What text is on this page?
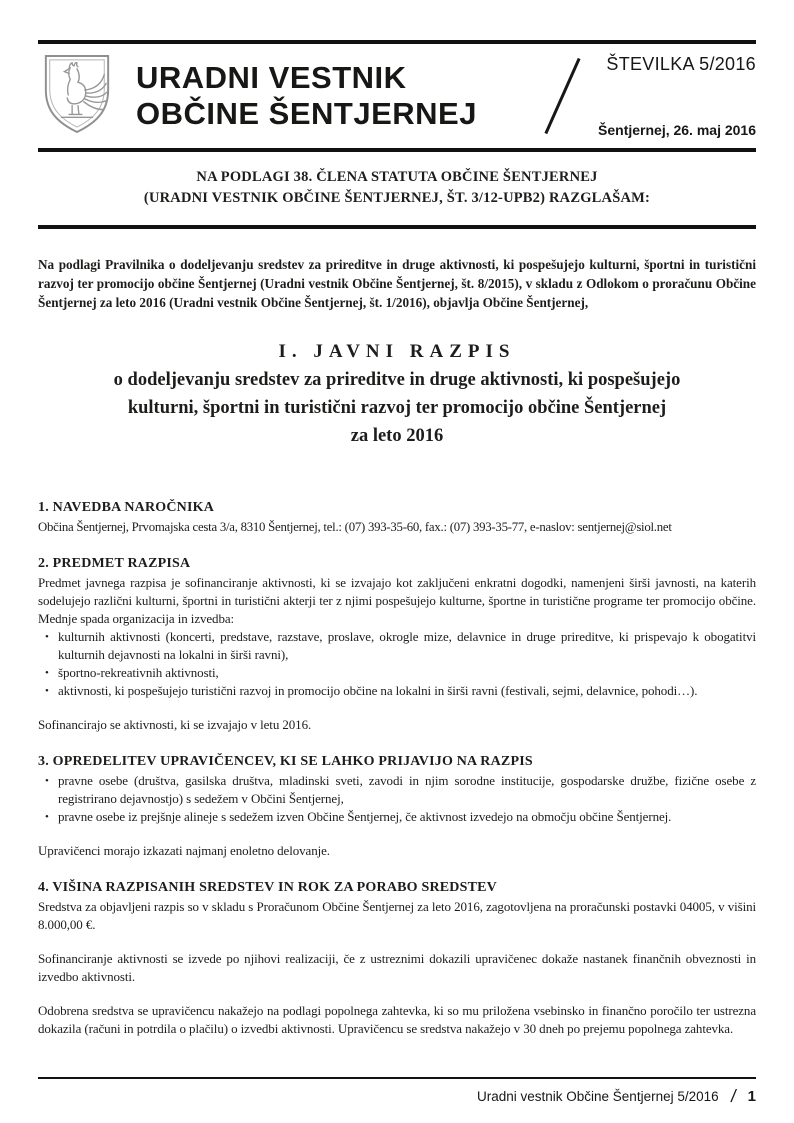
URADNI VESTNIK
OBČINE ŠENTJERNEJ
ŠTEVILKA 5/2016
Šentjernej, 26. maj 2016
NA PODLAGI 38. ČLENA STATUTA OBČINE ŠENTJERNEJ
(URADNI VESTNIK OBČINE ŠENTJERNEJ, ŠT. 3/12-UPB2) RAZGLAŠAM:

Na podlagi Pravilnika o dodeljevanju sredstev za prireditve in druge aktivnosti, ki pospešujejo kulturni, športni in turistični razvoj ter promocijo občine Šentjernej (Uradni vestnik Občine Šentjernej, št. 8/2015), v skladu z Odlokom o proračunu Občine Šentjernej za leto 2016 (Uradni vestnik Občine Šentjernej, št. 1/2016), objavlja Občine Šentjernej,

I. JAVNI RAZPIS
o dodeljevanju sredstev za prireditve in druge aktivnosti, ki pospešujejo
kulturni, športni in turistični razvoj ter promocijo občine Šentjernej
za leto 2016
1. NAVEDBA NAROČNIKA

Občina Šentjernej, Prvomajska cesta 3/a, 8310 Šentjernej, tel.: (07) 393-35-60, fax.: (07) 393-35-77, e-naslov: sentjernej@siol.net

2. PREDMET RAZPISA

Predmet javnega razpisa je sofinanciranje aktivnosti, ki se izvajajo kot zaključeni enkratni dogodki, namenjeni širši javnosti, na katerih sodelujejo različni kulturni, športni in turistični akterji ter z njimi pospešujejo kulturne, športne in turistične programe ter promocijo občine. Mednje spada organizacija in izvedba:

• kulturnih aktivnosti (koncerti, predstave, razstave, proslave, okrogle mize, delavnice in druge prireditve, ki prispevajo k obogatitvi kulturnih dejavnosti na lokalni in širši ravni),
• športno-rekreativnih aktivnosti,
• aktivnosti, ki pospešujejo turistični razvoj in promocijo občine na lokalni in širši ravni (festivali, sejmi, delavnice, pohodi…).

Sofinancirajo se aktivnosti, ki se izvajajo v letu 2016.

3. OPREDELITEV UPRAVIČENCEV, KI SE LAHKO PRIJAVIJO NA RAZPIS
• pravne osebe (društva, gasilska društva, mladinski sveti, zavodi in njim sorodne institucije, gospodarske družbe, fizične osebe z registrirano dejavnostjo) s sedežem v Občini Šentjernej,
• pravne osebe iz prejšnje alineje s sedežem izven Občine Šentjernej, če aktivnost izvedejo na območju občine Šentjernej.

Upravičenci morajo izkazati najmanj enoletno delovanje.

4. VIŠINA RAZPISANIH SREDSTEV IN ROK ZA PORABO SREDSTEV

Sredstva za objavljeni razpis so v skladu s Proračunom Občine Šentjernej za leto 2016, zagotovljena na proračunski postavki 04005, v višini 8.000,00 €.

Sofinanciranje aktivnosti se izvede po njihovi realizaciji, če z ustreznimi dokazili upravičenec dokaže nastanek finančnih obveznosti in izvedbo aktivnosti.

Odobrena sredstva se upravičencu nakažejo na podlagi popolnega zahtevka, ki so mu priložena vsebinsko in finančno poročilo ter ustrezna dokazila (računi in potrdila o plačilu) o izvedbi aktivnosti. Upravičencu se sredstva nakažejo v 30 dneh po prejemu popolnega zahtevka.

Uradni vestnik Občine Šentjernej 5/2016 / 1
